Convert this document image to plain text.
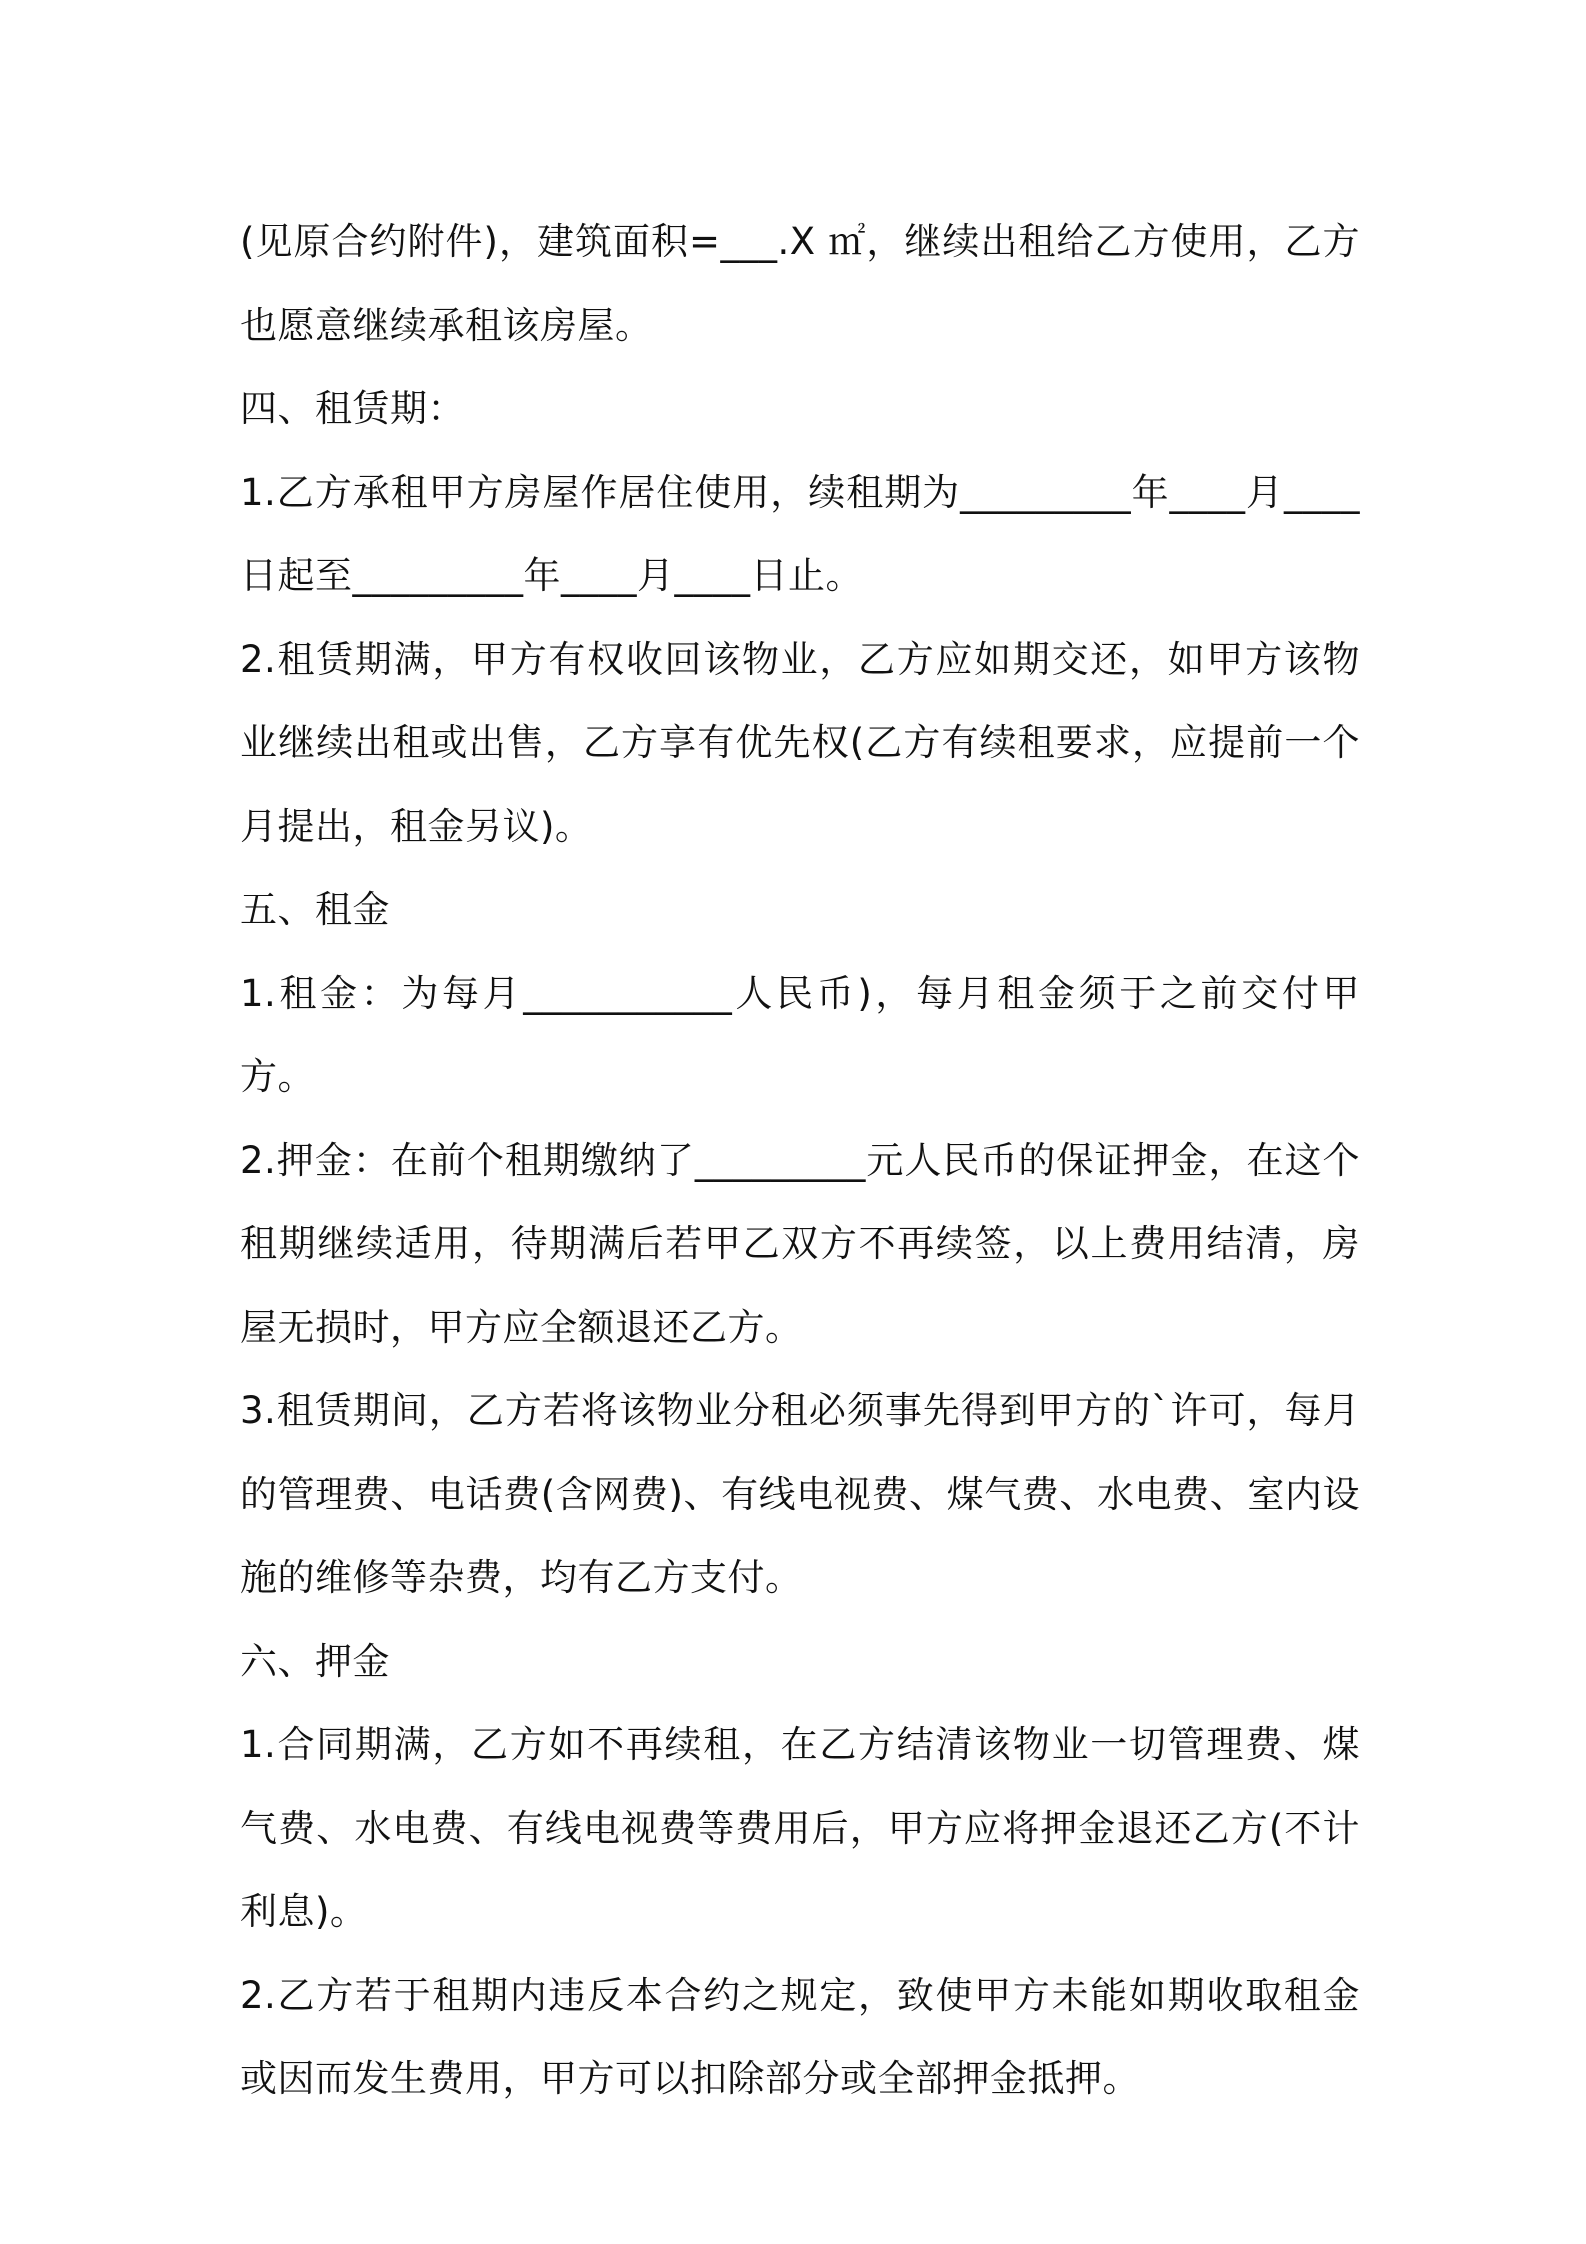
(见原合约附件)，建筑面积=___.X ㎡，继续出租给乙方使用，乙方也愿意继续承租该房屋。

四、租赁期：

1.乙方承租甲方房屋作居住使用，续租期为_________年____月____日起至_________年____月____日止。

2.租赁期满，甲方有权收回该物业，乙方应如期交还，如甲方该物业继续出租或出售，乙方享有优先权(乙方有续租要求，应提前一个月提出，租金另议)。

五、租金

1.租金：为每月___________人民币)，每月租金须于之前交付甲方。

2.押金：在前个租期缴纳了_________元人民币的保证押金，在这个租期继续适用，待期满后若甲乙双方不再续签，以上费用结清，房屋无损时，甲方应全额退还乙方。

3.租赁期间，乙方若将该物业分租必须事先得到甲方的`许可，每月的管理费、电话费(含网费)、有线电视费、煤气费、水电费、室内设施的维修等杂费，均有乙方支付。

六、押金

1.合同期满，乙方如不再续租，在乙方结清该物业一切管理费、煤气费、水电费、有线电视费等费用后，甲方应将押金退还乙方(不计利息)。

2.乙方若于租期内违反本合约之规定，致使甲方未能如期收取租金或因而发生费用，甲方可以扣除部分或全部押金抵押。
